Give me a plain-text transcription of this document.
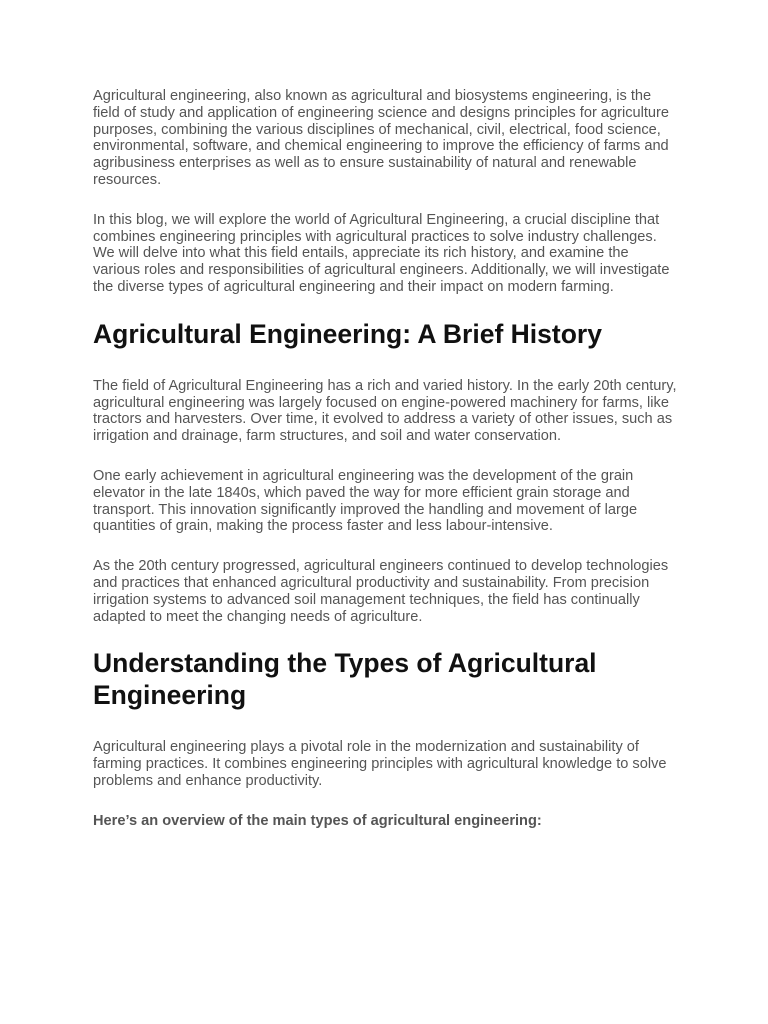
Agricultural engineering, also known as agricultural and biosystems engineering, is the field of study and application of engineering science and designs principles for agriculture purposes, combining the various disciplines of mechanical, civil, electrical, food science, environmental, software, and chemical engineering to improve the efficiency of farms and agribusiness enterprises as well as to ensure sustainability of natural and renewable resources.

In this blog, we will explore the world of Agricultural Engineering, a crucial discipline that combines engineering principles with agricultural practices to solve industry challenges. We will delve into what this field entails, appreciate its rich history, and examine the various roles and responsibilities of agricultural engineers. Additionally, we will investigate the diverse types of agricultural engineering and their impact on modern farming.

Agricultural Engineering: A Brief History

The field of Agricultural Engineering has a rich and varied history. In the early 20th century, agricultural engineering was largely focused on engine-powered machinery for farms, like tractors and harvesters. Over time, it evolved to address a variety of other issues, such as irrigation and drainage, farm structures, and soil and water conservation.

One early achievement in agricultural engineering was the development of the grain elevator in the late 1840s, which paved the way for more efficient grain storage and transport. This innovation significantly improved the handling and movement of large quantities of grain, making the process faster and less labour-intensive.

As the 20th century progressed, agricultural engineers continued to develop technologies and practices that enhanced agricultural productivity and sustainability. From precision irrigation systems to advanced soil management techniques, the field has continually adapted to meet the changing needs of agriculture.

Understanding the Types of Agricultural Engineering

Agricultural engineering plays a pivotal role in the modernization and sustainability of farming practices. It combines engineering principles with agricultural knowledge to solve problems and enhance productivity.

Here’s an overview of the main types of agricultural engineering:
